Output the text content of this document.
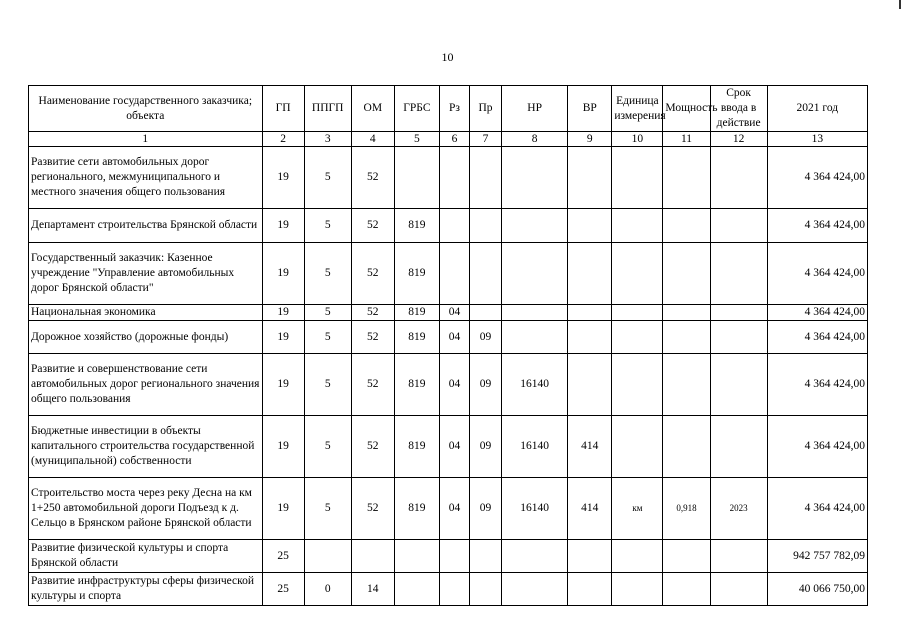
10
Наименование государственного заказчика; объекта	ГП	ППГП	ОМ	ГРБС	Рз	Пр	НР	ВР	Единица измерения	Мощность	Срок ввода в действие	2021 год
1	2	3	4	5	6	7	8	9	10	11	12	13
Развитие сети автомобильных дорог регионального, межмуниципального и местного значения общего пользования	19	5	52									4 364 424,00
Департамент строительства Брянской области	19	5	52	819								4 364 424,00
Государственный заказчик: Казенное учреждение "Управление автомобильных дорог Брянской области"	19	5	52	819								4 364 424,00
Национальная экономика	19	5	52	819	04							4 364 424,00
Дорожное хозяйство (дорожные фонды)	19	5	52	819	04	09						4 364 424,00
Развитие и совершенствование сети автомобильных дорог регионального значения общего пользования	19	5	52	819	04	09	16140					4 364 424,00
Бюджетные инвестиции в объекты капитального строительства государственной (муниципальной) собственности	19	5	52	819	04	09	16140	414				4 364 424,00
Строительство моста через реку Десна на км 1+250 автомобильной дороги Подъезд к д. Сельцо в Брянском районе Брянской области	19	5	52	819	04	09	16140	414	км	0,918	2023	4 364 424,00
Развитие физической культуры и спорта Брянской области	25											942 757 782,09
Развитие инфраструктуры сферы физической культуры и спорта	25	0	14									40 066 750,00
